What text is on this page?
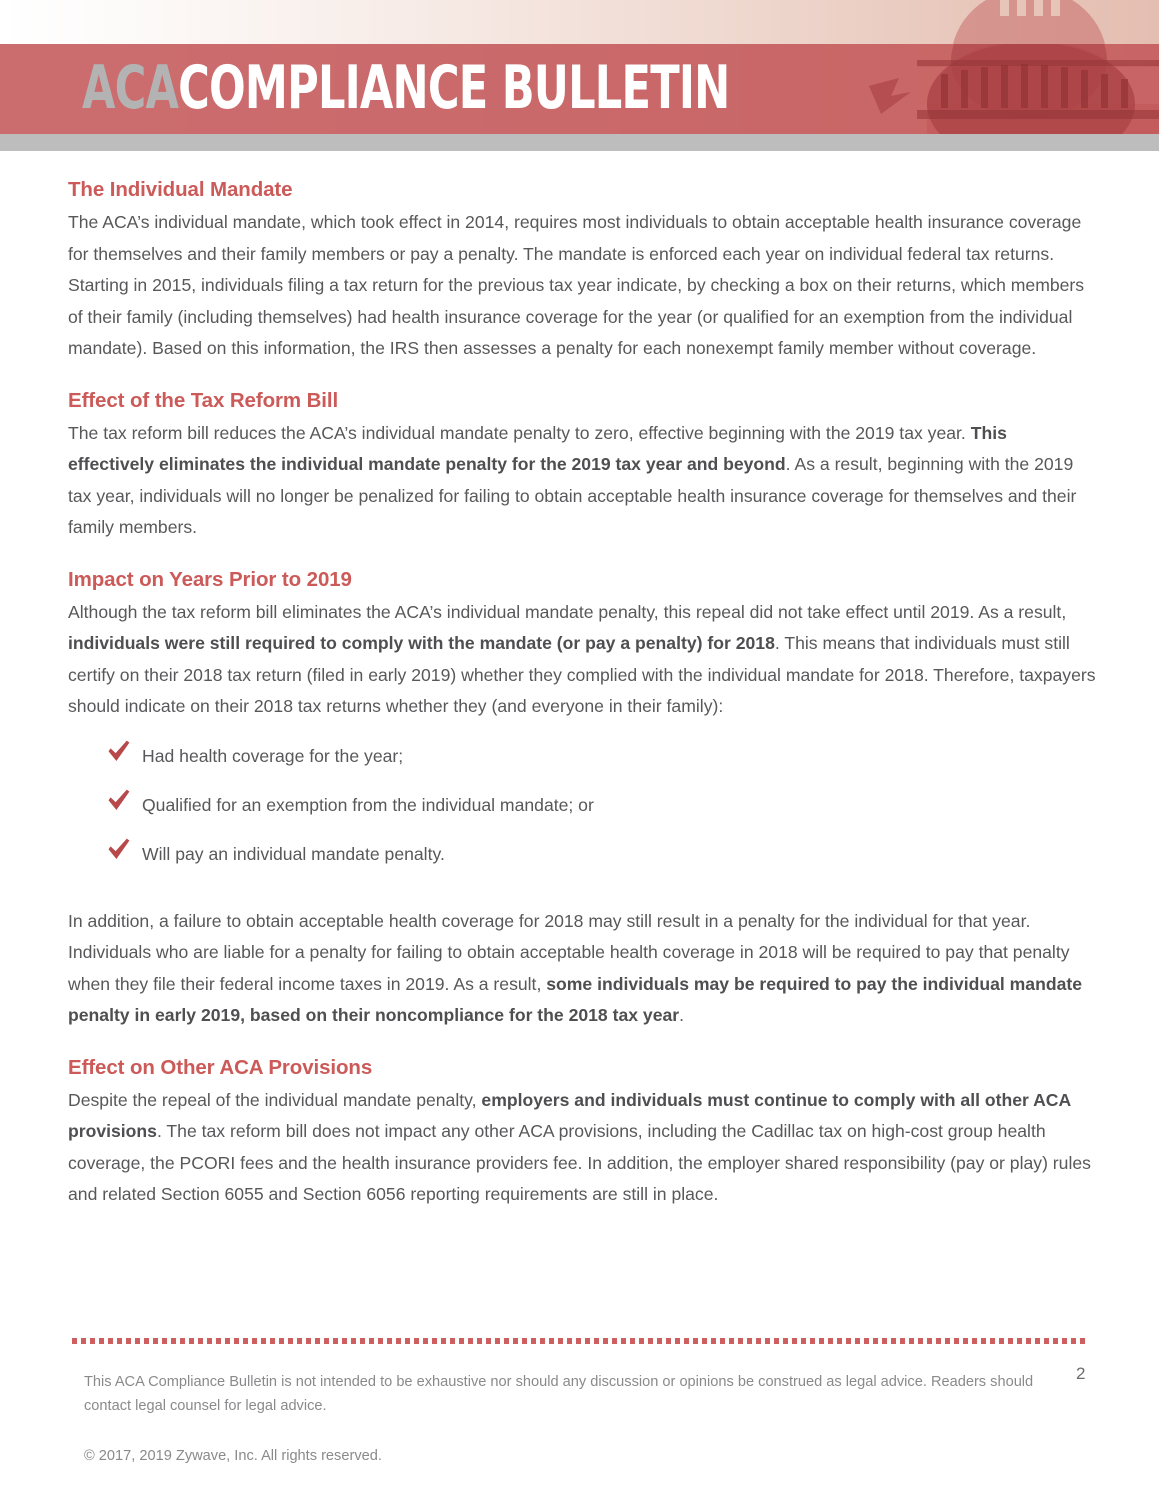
ACACOMPLIANCE BULLETIN
The Individual Mandate

The ACA’s individual mandate, which took effect in 2014, requires most individuals to obtain acceptable health insurance coverage for themselves and their family members or pay a penalty. The mandate is enforced each year on individual federal tax returns. Starting in 2015, individuals filing a tax return for the previous tax year indicate, by checking a box on their returns, which members of their family (including themselves) had health insurance coverage for the year (or qualified for an exemption from the individual mandate). Based on this information, the IRS then assesses a penalty for each nonexempt family member without coverage.

Effect of the Tax Reform Bill

The tax reform bill reduces the ACA’s individual mandate penalty to zero, effective beginning with the 2019 tax year. This effectively eliminates the individual mandate penalty for the 2019 tax year and beyond. As a result, beginning with the 2019 tax year, individuals will no longer be penalized for failing to obtain acceptable health insurance coverage for themselves and their family members.

Impact on Years Prior to 2019

Although the tax reform bill eliminates the ACA’s individual mandate penalty, this repeal did not take effect until 2019. As a result, individuals were still required to comply with the mandate (or pay a penalty) for 2018. This means that individuals must still certify on their 2018 tax return (filed in early 2019) whether they complied with the individual mandate for 2018. Therefore, taxpayers should indicate on their 2018 tax returns whether they (and everyone in their family):

Had health coverage for the year;
Qualified for an exemption from the individual mandate; or
Will pay an individual mandate penalty.

In addition, a failure to obtain acceptable health coverage for 2018 may still result in a penalty for the individual for that year. Individuals who are liable for a penalty for failing to obtain acceptable health coverage in 2018 will be required to pay that penalty when they file their federal income taxes in 2019. As a result, some individuals may be required to pay the individual mandate penalty in early 2019, based on their noncompliance for the 2018 tax year.

Effect on Other ACA Provisions

Despite the repeal of the individual mandate penalty, employers and individuals must continue to comply with all other ACA provisions. The tax reform bill does not impact any other ACA provisions, including the Cadillac tax on high-cost group health coverage, the PCORI fees and the health insurance providers fee. In addition, the employer shared responsibility (pay or play) rules and related Section 6055 and Section 6056 reporting requirements are still in place.

This ACA Compliance Bulletin is not intended to be exhaustive nor should any discussion or opinions be construed as legal advice. Readers should contact legal counsel for legal advice.

© 2017, 2019 Zywave, Inc. All rights reserved.

2
